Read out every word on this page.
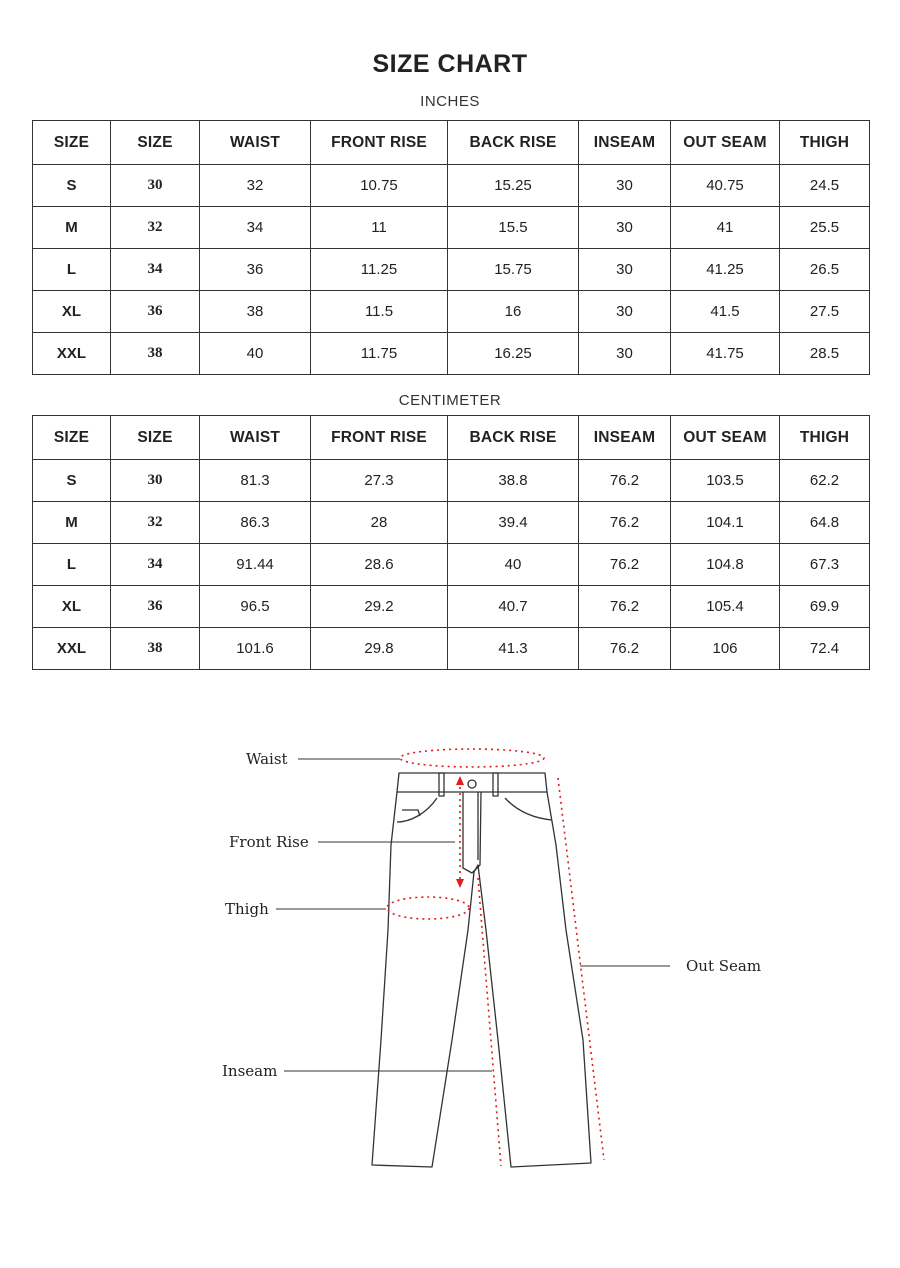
SIZE CHART
INCHES
SIZE	SIZE	WAIST	FRONT RISE	BACK RISE	INSEAM	OUT SEAM	THIGH
S	30	32	10.75	15.25	30	40.75	24.5
M	32	34	11	15.5	30	41	25.5
L	34	36	11.25	15.75	30	41.25	26.5
XL	36	38	11.5	16	30	41.5	27.5
XXL	38	40	11.75	16.25	30	41.75	28.5
CENTIMETER
SIZE	SIZE	WAIST	FRONT RISE	BACK RISE	INSEAM	OUT SEAM	THIGH
S	30	81.3	27.3	38.8	76.2	103.5	62.2
M	32	86.3	28	39.4	76.2	104.1	64.8
L	34	91.44	28.6	40	76.2	104.8	67.3
XL	36	96.5	29.2	40.7	76.2	105.4	69.9
XXL	38	101.6	29.8	41.3	76.2	106	72.4
Waist
Front Rise
Thigh
Inseam
Out Seam
